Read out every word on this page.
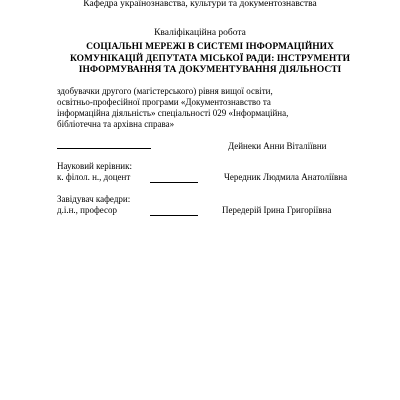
Кафедра українознавства, культури та документознавства
Кваліфікаційна робота
СОЦІАЛЬНІ МЕРЕЖІ В СИСТЕМІ ІНФОРМАЦІЙНИХ
КОМУНІКАЦІЙ ДЕПУТАТА МІСЬКОЇ РАДИ: ІНСТРУМЕНТИ
ІНФОРМУВАННЯ ТА ДОКУМЕНТУВАННЯ ДІЯЛЬНОСТІ
здобувачки другого (магістерського) рівня вищої освіти,
освітньо-професійної програми «Документознавство та
інформаційна діяльність» спеціальності 029 «Інформаційна,
бібліотечна та архівна справа»
Дейнеки Анни Віталіївни
Науковий керівник:
к. філол. н., доцент	Чередник Людмила Анатоліївна
Завідувач кафедри:
д.і.н., професор	Передерій Ірина Григоріївна
